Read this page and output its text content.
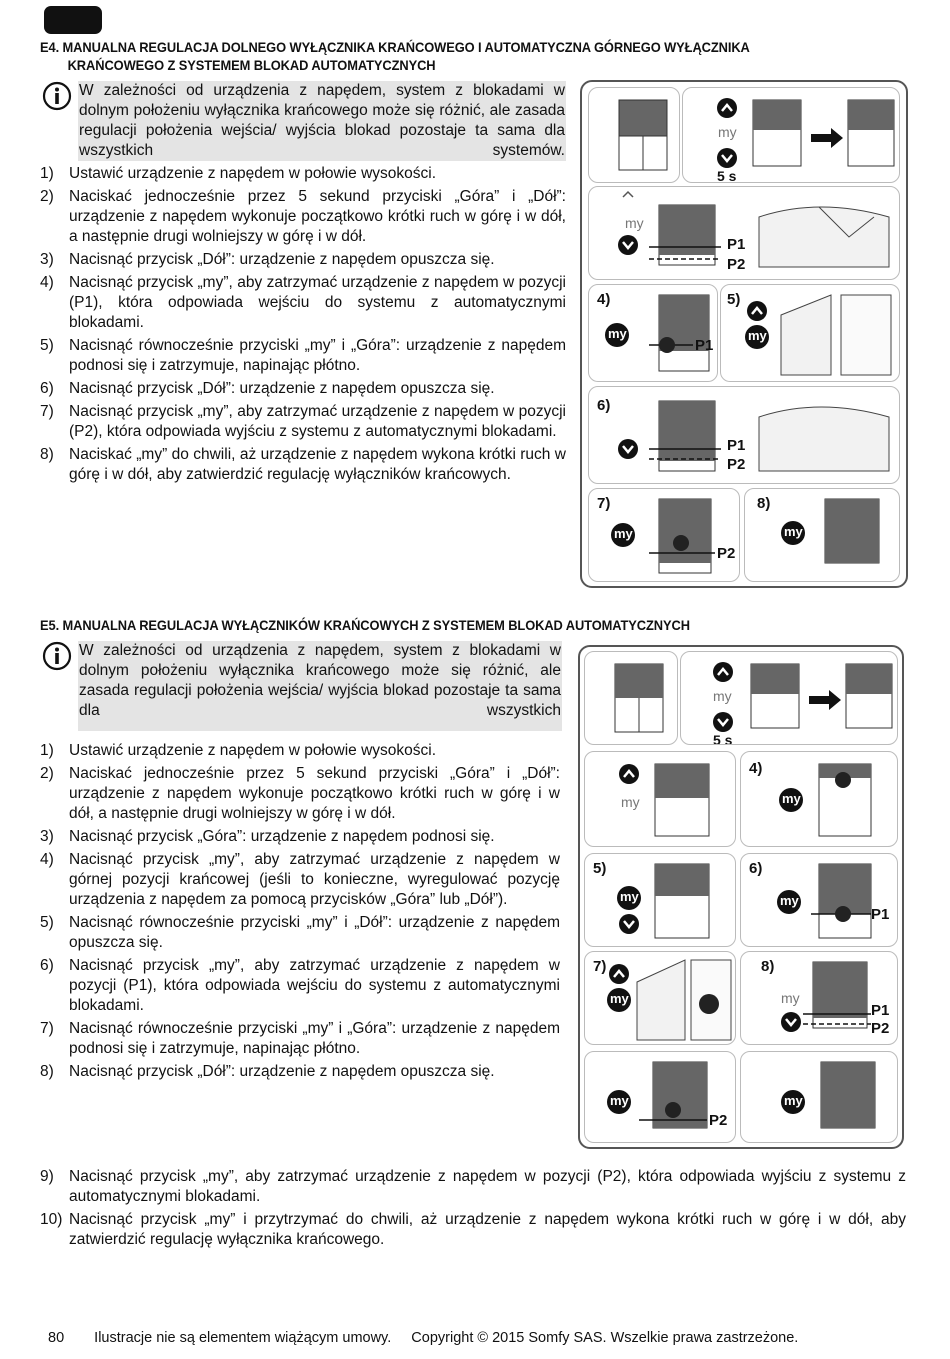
E4. MANUALNA REGULACJA DOLNEGO WYŁĄCZNIKA KRAŃCOWEGO I AUTOMATYCZNA GÓRNEGO WYŁĄCZNIKA
KRAŃCOWEGO Z SYSTEMEM BLOKAD AUTOMATYCZNYCH
W zależności od urządzenia z napędem, system z blokadami w dolnym położeniu wyłącznika krańcowego może się różnić, ale zasada regulacji położenia wejścia/ wyjścia blokad pozostaje ta sama dla wszystkich systemów.
1) Ustawić urządzenie z napędem w połowie wysokości.
2) Naciskać jednocześnie przez 5 sekund przyciski „Góra” i „Dół”: urządzenie z napędem wykonuje początkowo krótki ruch w górę i w dół, a następnie drugi wolniejszy w górę i w dół.
3) Nacisnąć przycisk „Dół”: urządzenie z napędem opuszcza się.
4) Nacisnąć przycisk „my”, aby zatrzymać urządzenie z napędem w pozycji (P1), która odpowiada wejściu do systemu z automatycznymi blokadami.
5) Nacisnąć równocześnie przyciski „my” i „Góra”: urządzenie z napędem podnosi się i zatrzymuje, napinając płótno.
6) Nacisnąć przycisk „Dół”: urządzenie z napędem opuszcza się.
7) Nacisnąć przycisk „my”, aby zatrzymać urządzenie z napędem w pozycji (P2), która odpowiada wyjściu z systemu z automatycznymi blokadami.
8) Naciskać „my” do chwili, aż urządzenie z napędem wykona krótki ruch w górę i w dół, aby zatwierdzić regulację wyłączników krańcowych.
my
5 s
my
P1
P2
4)
my
P1
5)
my
6)
P1
P2
7)
my
P2
8)
my
E5. MANUALNA REGULACJA WYŁĄCZNIKÓW KRAŃCOWYCH Z SYSTEMEM BLOKAD AUTOMATYCZNYCH
W zależności od urządzenia z napędem, system z blokadami w dolnym położeniu wyłącznika krańcowego może się różnić, ale zasada regulacji położenia wejścia/ wyjścia blokad pozostaje ta sama dla wszystkich
1) Ustawić urządzenie z napędem w połowie wysokości.
2) Naciskać jednocześnie przez 5 sekund przyciski „Góra” i „Dół”: urządzenie z napędem wykonuje początkowo krótki ruch w górę i w dół, a następnie drugi wolniejszy w górę i w dół.
3) Nacisnąć przycisk „Góra”: urządzenie z napędem podnosi się.
4) Nacisnąć przycisk „my”, aby zatrzymać urządzenie z napędem w górnej pozycji krańcowej (jeśli to konieczne, wyregulować pozycję urządzenia z napędem za pomocą przycisków „Góra” lub „Dół”).
5) Nacisnąć równocześnie przyciski „my” i „Dół”: urządzenie z napędem opuszcza się.
6) Nacisnąć przycisk „my”, aby zatrzymać urządzenie z napędem w pozycji (P1), która odpowiada wejściu do systemu z automatycznymi blokadami.
7) Nacisnąć równocześnie przyciski „my” i „Góra”: urządzenie z napędem podnosi się i zatrzymuje, napinając płótno.
8) Nacisnąć przycisk „Dół”: urządzenie z napędem opuszcza się.
9) Nacisnąć przycisk „my”, aby zatrzymać urządzenie z napędem w pozycji (P2), która odpowiada wyjściu z systemu z automatycznymi blokadami.
10) Nacisnąć przycisk „my” i przytrzymać do chwili, aż urządzenie z napędem wykona krótki ruch w górę i w dół, aby zatwierdzić regulację wyłącznika krańcowego.
my
5 s
my
4)
my
5)
my
6)
my
P1
7)
my
8)
my
P1
P2
my
P2
my
80 Ilustracje nie są elementem wiążącym umowy. Copyright © 2015 Somfy SAS. Wszelkie prawa zastrzeżone.
